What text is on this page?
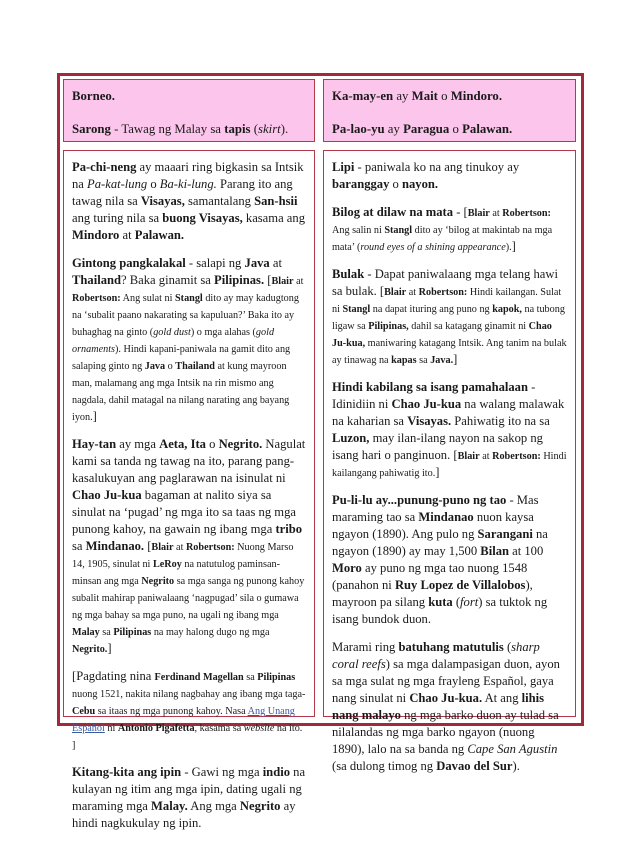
Borneo.

Sarong - Tawag ng Malay sa tapis (skirt).

Ka-may-en ay Mait o Mindoro.

Pa-lao-yu ay Paragua o Palawan.

Pa-chi-neng ay maaari ring bigkasin sa Intsik na Pa-kat-lung o Ba-ki-lung. Parang ito ang tawag nila sa Visayas, samantalang San-hsii ang turing nila sa buong Visayas, kasama ang Mindoro at Palawan.

Gintong pangkalakal - salapi ng Java at Thailand? Baka ginamit sa Pilipinas. [Blair at Robertson: Ang sulat ni Stangl dito ay may kadugtong na ‘subalit paano nakarating sa kapuluan?’ Baka ito ay buhaghag na ginto (gold dust) o mga alahas (gold ornaments). Hindi kapani-paniwala na gamit dito ang salaping ginto ng Java o Thailand at kung mayroon man, malamang ang mga Intsik na rin mismo ang nagdala, dahil matagal na nilang narating ang bayang iyon.]

Hay-tan ay mga Aeta, Ita o Negrito. Nagulat kami sa tanda ng tawag na ito, parang pang-kasalukuyan ang paglarawan na isinulat ni Chao Ju-kua bagaman at nalito siya sa sinulat na ‘pugad’ ng mga ito sa taas ng mga punong kahoy, na gawain ng ibang mga tribo sa Mindanao. [Blair at Robertson: Nuong Marso 14, 1905, sinulat ni LeRoy na natutulog paminsan-minsan ang mga Negrito sa mga sanga ng punong kahoy subalit mahirap paniwalaang ‘nagpugad’ sila o gumawa ng mga bahay sa mga puno, na ugali ng ibang mga Malay sa Pilipinas na may halong dugo ng mga Negrito.]

[Pagdating nina Ferdinand Magellan sa Pilipinas nuong 1521, nakita nilang nagbahay ang ibang mga taga-Cebu sa itaas ng mga punong kahoy. Nasa Ang Unang Español ni Antonio Pigafetta, kasama sa website na ito. ]

Kitang-kita ang ipin - Gawi ng mga indio na kulayan ng itim ang mga ipin, dating ugali ng maraming mga Malay. Ang mga Negrito ay hindi nagkukulay ng ipin.

Lipi - paniwala ko na ang tinukoy ay baranggay o nayon.

Bilog at dilaw na mata - [Blair at Robertson: Ang salin ni Stangl dito ay ‘bilog at makintab na mga mata’ (round eyes of a shining appearance).]

Bulak - Dapat paniwalaang mga telang hawi sa bulak. [Blair at Robertson: Hindi kailangan. Sulat ni Stangl na dapat ituring ang puno ng kapok, na tubong ligaw sa Pilipinas, dahil sa katagang ginamit ni Chao Ju-kua, maniwaring katagang Intsik. Ang tanim na bulak ay tinawag na kapas sa Java.]

Hindi kabilang sa isang pamahalaan - Idinidiin ni Chao Ju-kua na walang malawak na kaharian sa Visayas. Pahiwatig ito na sa Luzon, may ilan-ilang nayon na sakop ng isang hari o panginuon. [Blair at Robertson: Hindi kailangang pahiwatig ito.]

Pu-li-lu ay...punung-puno ng tao - Mas maraming tao sa Mindanao nuon kaysa ngayon (1890). Ang pulo ng Sarangani na ngayon (1890) ay may 1,500 Bilan at 100 Moro ay puno ng mga tao nuong 1548 (panahon ni Ruy Lopez de Villalobos), mayroon pa silang kuta (fort) sa tuktok ng isang bundok duon.

Marami ring batuhang matutulis (sharp coral reefs) sa mga dalampasigan duon, ayon sa mga sulat ng mga frayleng Español, gaya nang sinulat ni Chao Ju-kua. At ang lihis nang malayo ng mga barko duon ay tulad sa nilalandas ng mga barko ngayon (nuong 1890), lalo na sa banda ng Cape San Agustin (sa dulong timog ng Davao del Sur).
